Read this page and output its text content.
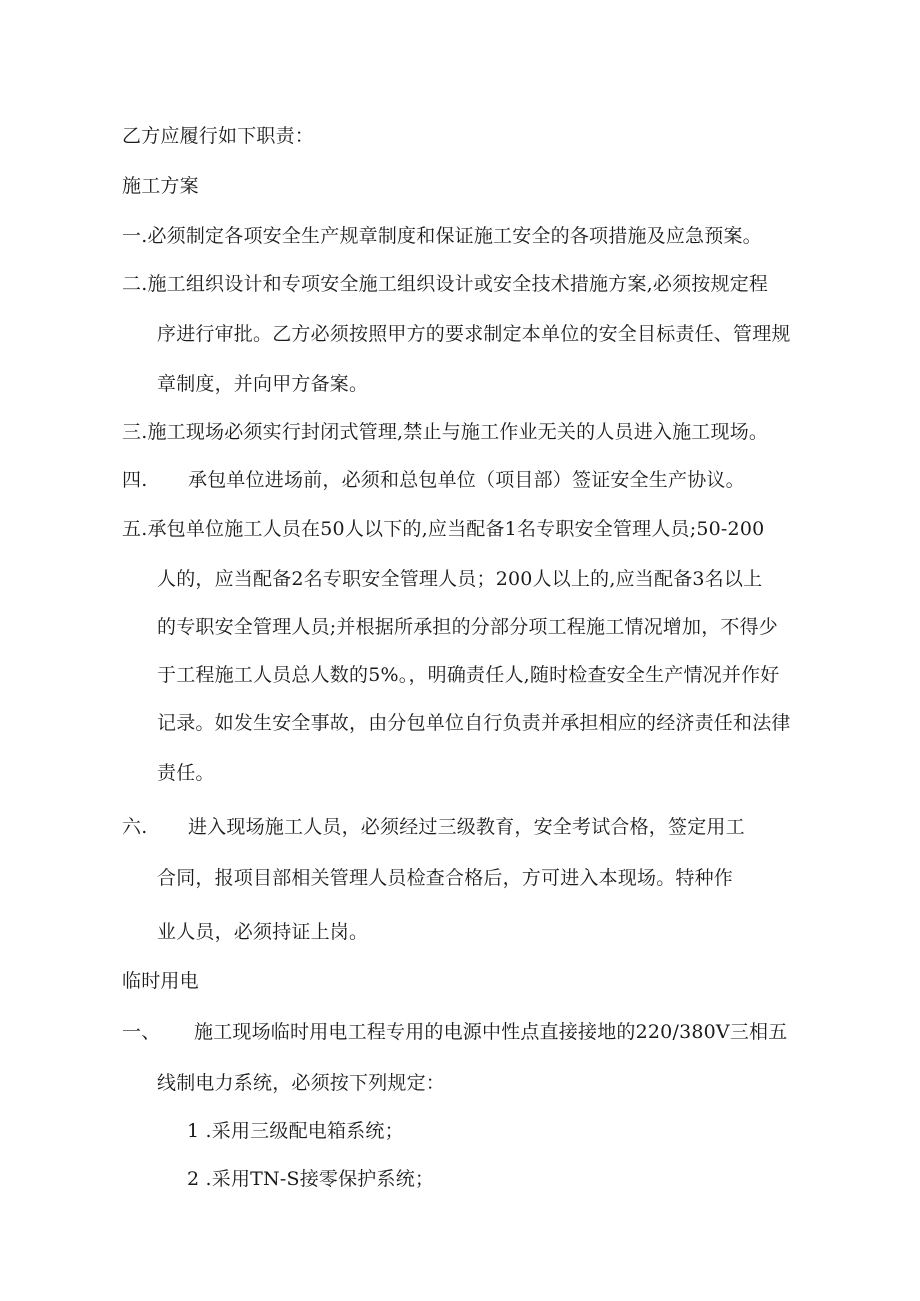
乙方应履行如下职责：
施工方案
一.必须制定各项安全生产规章制度和保证施工安全的各项措施及应急预案。
二.施工组织设计和专项安全施工组织设计或安全技术措施方案,必须按规定程
序进行审批。乙方必须按照甲方的要求制定本单位的安全目标责任、管理规
章制度，并向甲方备案。
三.施工现场必须实行封闭式管理,禁止与施工作业无关的人员进入施工现场。
四. 承包单位进场前，必须和总包单位（项目部）签证安全生产协议。
五.承包单位施工人员在50人以下的,应当配备1名专职安全管理人员;50-200
人的，应当配备2名专职安全管理人员；200人以上的,应当配备3名以上
的专职安全管理人员;并根据所承担的分部分项工程施工情况增加，不得少
于工程施工人员总人数的5%。，明确责任人,随时检查安全生产情况并作好
记录。如发生安全事故，由分包单位自行负责并承担相应的经济责任和法律
责任。
六. 进入现场施工人员，必须经过三级教育，安全考试合格，签定用工
合同，报项目部相关管理人员检查合格后，方可进入本现场。特种作
业人员，必须持证上岗。
临时用电
一、 施工现场临时用电工程专用的电源中性点直接接地的220/380V三相五
线制电力系统，必须按下列规定：
1 .采用三级配电箱系统；
2 .采用TN-S接零保护系统；
